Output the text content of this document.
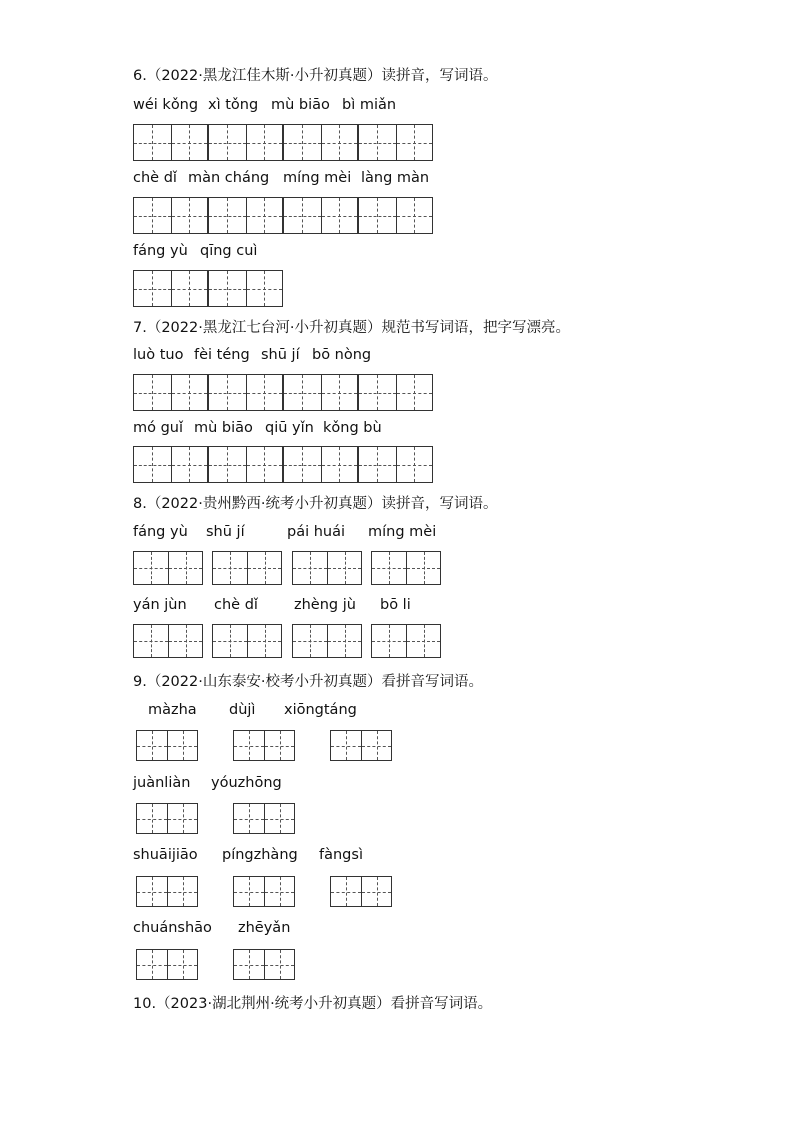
6.（2022·黑龙江佳木斯·小升初真题）读拼音，写词语。
wéi kǒng xì tǒng mù biāo bì miǎn
chè dǐ màn cháng míng mèi làng màn
fáng yù qīng cuì
7.（2022·黑龙江七台河·小升初真题）规范书写词语，把字写漂亮。
luò tuo fèi téng shū jí bō nòng
mó guǐ mù biāo qiū yǐn kǒng bù
8.（2022·贵州黔西·统考小升初真题）读拼音，写词语。
fáng yù shū jí	pái huái míng mèi
yán jùn chè dǐ zhèng jù bō li
9.（2022·山东泰安·校考小升初真题）看拼音写词语。
màzha dùjì xiōngtáng
juànliàn yóuzhōng
shuāijiāo píngzhàng fàngsì
chuánshāo zhēyǎn
10.（2023·湖北荆州·统考小升初真题）看拼音写词语。
